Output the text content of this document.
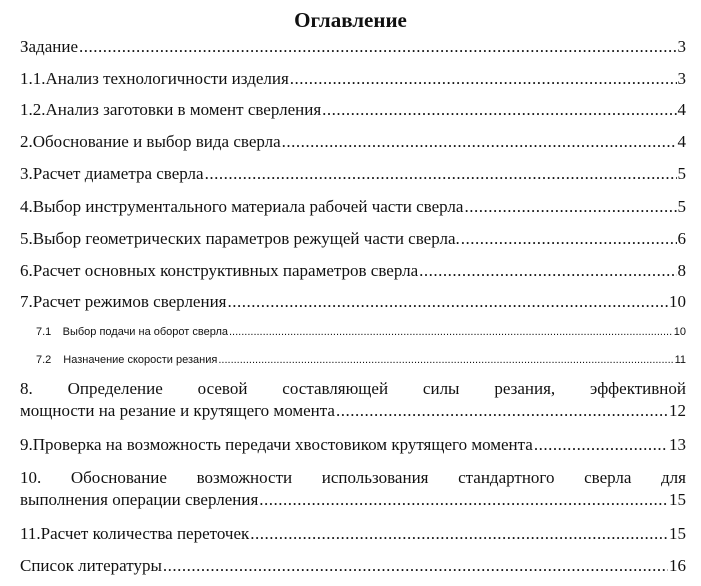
Оглавление
Задание .....	3
1.1. Анализ технологичности изделия .....	3
1.2. Анализ заготовки в момент сверления .....	4
2. Обоснование и выбор вида сверла .....	4
3. Расчет диаметра сверла .....	5
4. Выбор инструментального материала рабочей части сверла .....	5
5. Выбор геометрических параметров режущей части сверла. .....	6
6. Расчет основных конструктивных параметров сверла .....	8
7. Расчет режимов сверления .....	10
7.1	Выбор подачи на оборот сверла .....	10
7.2	Назначение скорости резания .....	11
8. Определение осевой составляющей силы резания, эффективной
мощности на резание и крутящего момента .....	12
9. Проверка на возможность передачи хвостовиком крутящего момента .....	13
10. Обоснование возможности использования стандартного сверла для
выполнения операции сверления .....	15
11. Расчет количества переточек .....	15
Список литературы .....	16
